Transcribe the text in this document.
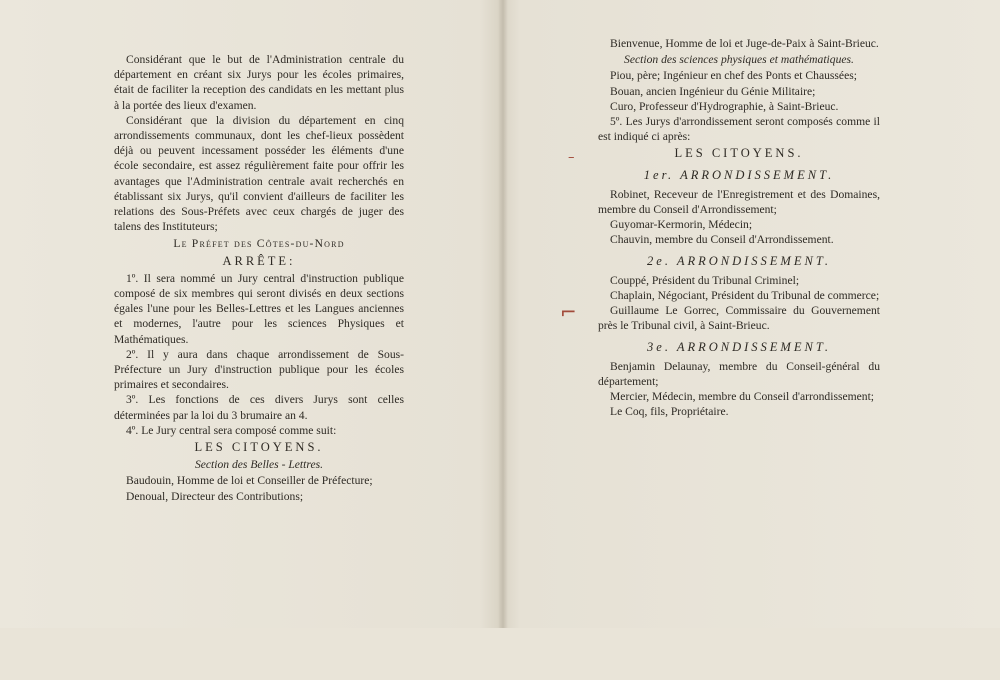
Considérant que le but de l'Administration centrale du département en créant six Jurys pour les écoles primaires, était de faciliter la reception des candidats en les mettant plus à la portée des lieux d'examen.

Considérant que la division du département en cinq arrondissements communaux, dont les chef-lieux possèdent déjà ou peuvent incessament posséder les éléments d'une école secondaire, est assez régulièrement faite pour offrir les avantages que l'Administration centrale avait recherchés en établissant six Jurys, qu'il convient d'ailleurs de faciliter les relations des Sous-Préfets avec ceux chargés de juger des talens des Instituteurs;

Le Préfet des Côtes-du-Nord
ARRÊTE:

1º. Il sera nommé un Jury central d'instruction publique composé de six membres qui seront divisés en deux sections égales l'une pour les Belles-Lettres et les Langues anciennes et modernes, l'autre pour les sciences Physiques et Mathématiques.

2º. Il y aura dans chaque arrondissement de Sous-Préfecture un Jury d'instruction publique pour les écoles primaires et secondaires.

3º. Les fonctions de ces divers Jurys sont celles déterminées par la loi du 3 brumaire an 4.

4º. Le Jury central sera composé comme suit:

LES CITOYENS.
Section des Belles - Lettres.

Baudouin, Homme de loi et Conseiller de Préfecture;

Denoual, Directeur des Contributions;

Bienvenue, Homme de loi et Juge-de-Paix à Saint-Brieuc.

Section des sciences physiques et mathématiques.

Piou, père; Ingénieur en chef des Ponts et Chaussées;

Bouan, ancien Ingénieur du Génie Militaire;

Curo, Professeur d'Hydrographie, à Saint-Brieuc.

5º. Les Jurys d'arrondissement seront composés comme il est indiqué ci après:

LES CITOYENS.
1er. ARRONDISSEMENT.

Robinet, Receveur de l'Enregistrement et des Domaines, membre du Conseil d'Arrondissement;

Guyomar-Kermorin, Médecin;

Chauvin, membre du Conseil d'Arrondissement.

2e. ARRONDISSEMENT.

Couppé, Président du Tribunal Criminel;

Chaplain, Négociant, Président du Tribunal de commerce;

Guillaume Le Gorrec, Commissaire du Gouvernement près le Tribunal civil, à Saint-Brieuc.

3e. ARRONDISSEMENT.

Benjamin Delaunay, membre du Conseil-général du département;

Mercier, Médecin, membre du Conseil d'arrondissement;

Le Coq, fils, Propriétaire.

–
⌐
